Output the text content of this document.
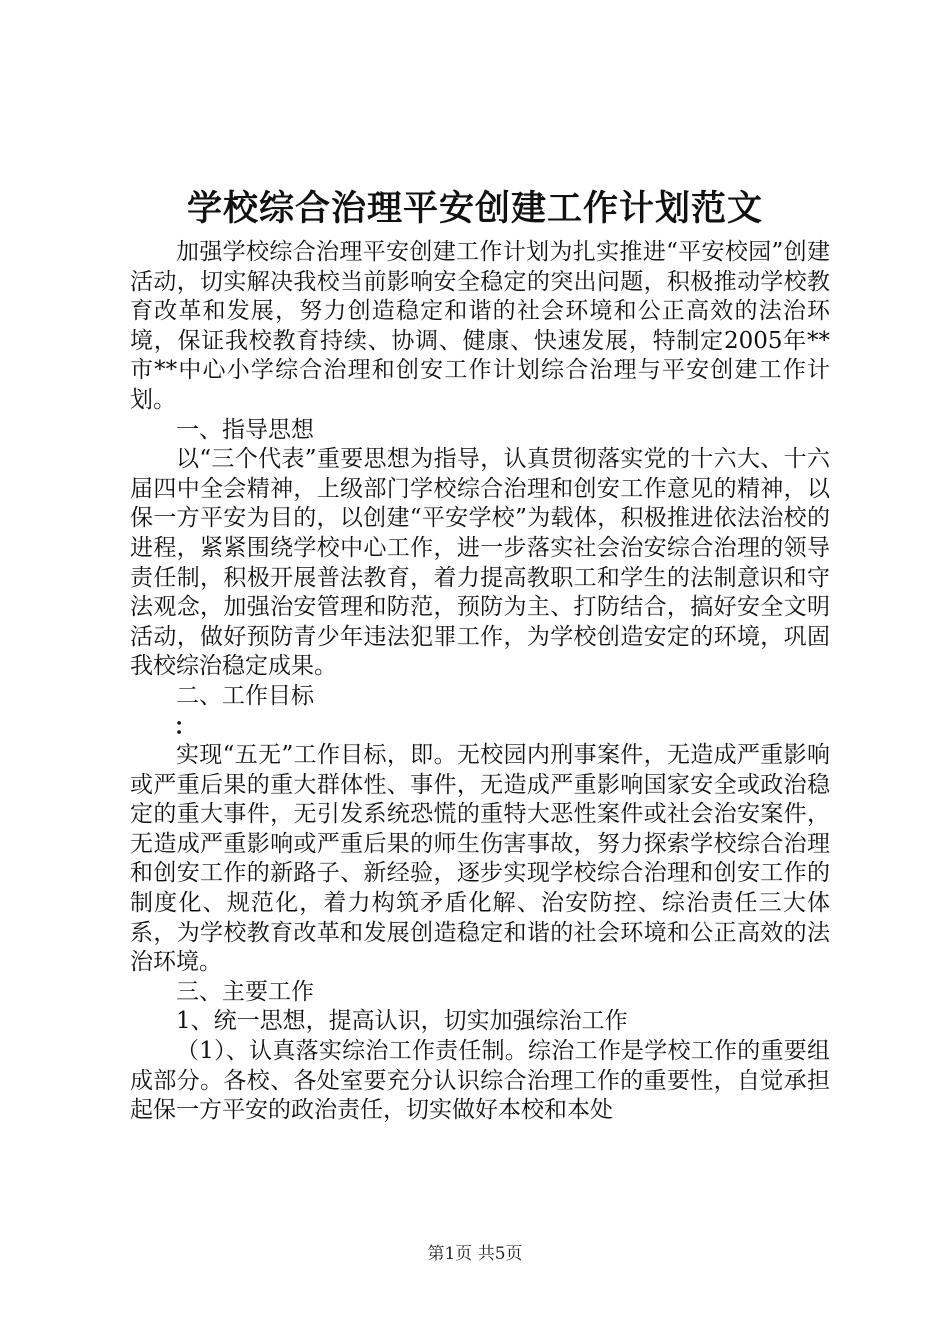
学校综合治理平安创建工作计划范文

加强学校综合治理平安创建工作计划为扎实推进“平安校园”创建活动，切实解决我校当前影响安全稳定的突出问题，积极推动学校教育改革和发展，努力创造稳定和谐的社会环境和公正高效的法治环境，保证我校教育持续、协调、健康、快速发展，特制定2005年**市**中心小学综合治理和创安工作计划综合治理与平安创建工作计划。

一、指导思想

以“三个代表”重要思想为指导，认真贯彻落实党的十六大、十六届四中全会精神，上级部门学校综合治理和创安工作意见的精神，以保一方平安为目的，以创建“平安学校”为载体，积极推进依法治校的进程，紧紧围绕学校中心工作，进一步落实社会治安综合治理的领导责任制，积极开展普法教育，着力提高教职工和学生的法制意识和守法观念，加强治安管理和防范，预防为主、打防结合，搞好安全文明活动，做好预防青少年违法犯罪工作，为学校创造安定的环境，巩固我校综治稳定成果。

二、工作目标

：

实现“五无”工作目标，即。无校园内刑事案件，无造成严重影响或严重后果的重大群体性、事件，无造成严重影响国家安全或政治稳定的重大事件，无引发系统恐慌的重特大恶性案件或社会治安案件，无造成严重影响或严重后果的师生伤害事故，努力探索学校综合治理和创安工作的新路子、新经验，逐步实现学校综合治理和创安工作的制度化、规范化，着力构筑矛盾化解、治安防控、综治责任三大体系，为学校教育改革和发展创造稳定和谐的社会环境和公正高效的法治环境。

三、主要工作

1、统一思想，提高认识，切实加强综治工作

（1）、认真落实综治工作责任制。综治工作是学校工作的重要组成部分。各校、各处室要充分认识综合治理工作的重要性，自觉承担起保一方平安的政治责任，切实做好本校和本处

第1页 共5页
